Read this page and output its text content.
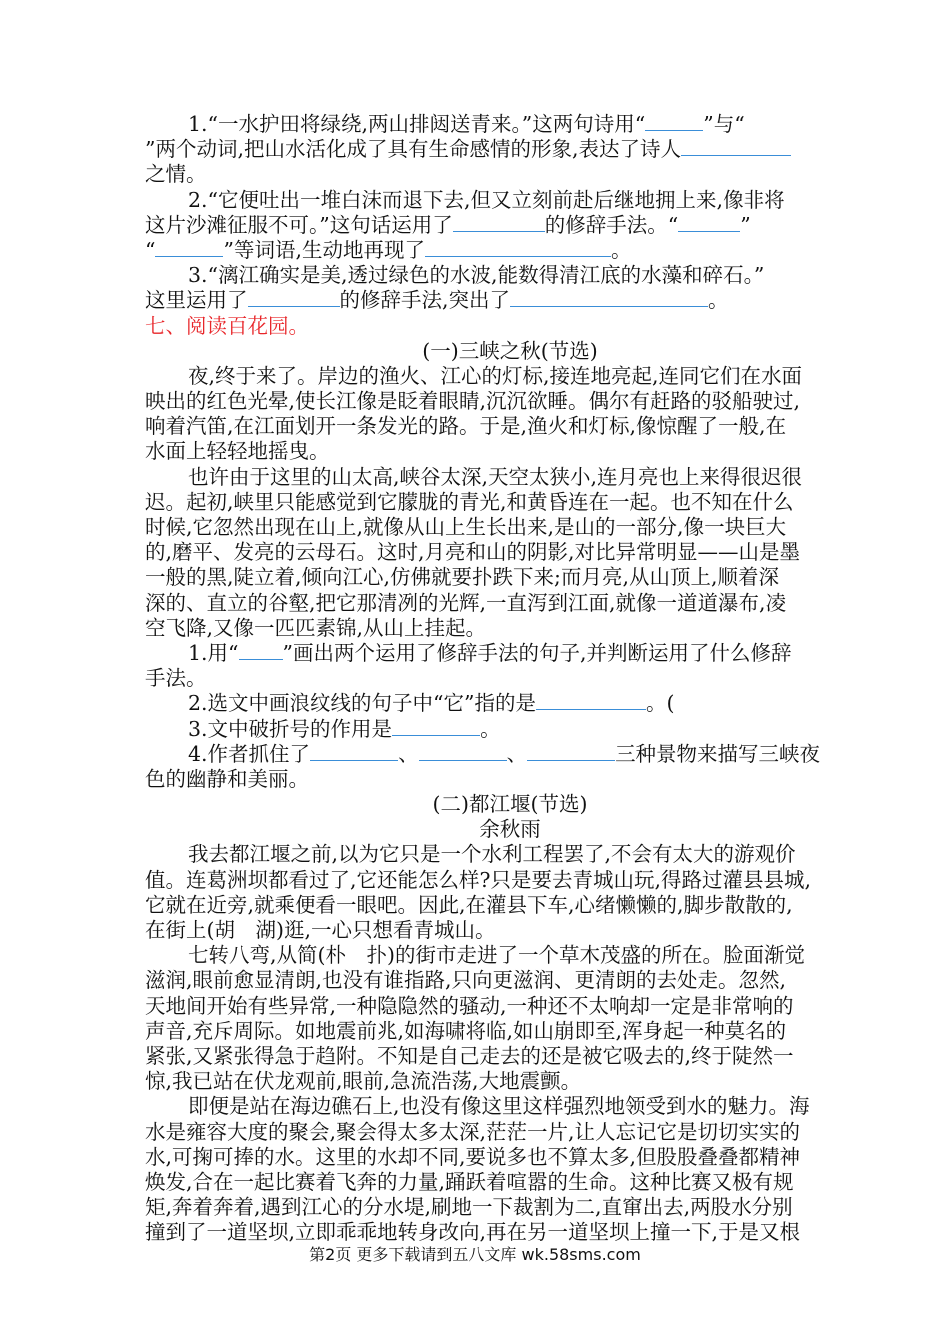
1.“一水护田将绿绕,两山排闼送青来。”这两句诗用“	”与“
”两个动词,把山水活化成了具有生命感情的形象,表达了诗人
之情。
2.“它便吐出一堆白沫而退下去,但又立刻前赴后继地拥上来,像非将
这片沙滩征服不可。”这句话运用了	的修辞手法。“	”
“	”等词语,生动地再现了	。
3.“漓江确实是美,透过绿色的水波,能数得清江底的水藻和碎石。”
这里运用了	的修辞手法,突出了	。
七、阅读百花园。
(一)三峡之秋(节选)
夜,终于来了。岸边的渔火、江心的灯标,接连地亮起,连同它们在水面
映出的红色光晕,使长江像是眨着眼睛,沉沉欲睡。偶尔有赶路的驳船驶过,
响着汽笛,在江面划开一条发光的路。于是,渔火和灯标,像惊醒了一般,在
水面上轻轻地摇曳。
也许由于这里的山太高,峡谷太深,天空太狭小,连月亮也上来得很迟很
迟。起初,峡里只能感觉到它朦胧的青光,和黄昏连在一起。也不知在什么
时候,它忽然出现在山上,就像从山上生长出来,是山的一部分,像一块巨大
的,磨平、发亮的云母石。这时,月亮和山的阴影,对比异常明显——山是墨
一般的黑,陡立着,倾向江心,仿佛就要扑跌下来;而月亮,从山顶上,顺着深
深的、直立的谷壑,把它那清冽的光辉,一直泻到江面,就像一道道瀑布,凌
空飞降,又像一匹匹素锦,从山上挂起。
1.用“ ”画出两个运用了修辞手法的句子,并判断运用了什么修辞
手法。
2.选文中画浪纹线的句子中“它”指的是	。(
3.文中破折号的作用是	。
4.作者抓住了	、	、	三种景物来描写三峡夜
色的幽静和美丽。
(二)都江堰(节选)
余秋雨
我去都江堰之前,以为它只是一个水利工程罢了,不会有太大的游观价
值。连葛洲坝都看过了,它还能怎么样?只是要去青城山玩,得路过灌县县城,
它就在近旁,就乘便看一眼吧。因此,在灌县下车,心绪懒懒的,脚步散散的,
在街上(胡　湖)逛,一心只想看青城山。
七转八弯,从简(朴　扑)的街市走进了一个草木茂盛的所在。脸面渐觉
滋润,眼前愈显清朗,也没有谁指路,只向更滋润、更清朗的去处走。忽然,
天地间开始有些异常,一种隐隐然的骚动,一种还不太响却一定是非常响的
声音,充斥周际。如地震前兆,如海啸将临,如山崩即至,浑身起一种莫名的
紧张,又紧张得急于趋附。不知是自己走去的还是被它吸去的,终于陡然一
惊,我已站在伏龙观前,眼前,急流浩荡,大地震颤。
即便是站在海边礁石上,也没有像这里这样强烈地领受到水的魅力。海
水是雍容大度的聚会,聚会得太多太深,茫茫一片,让人忘记它是切切实实的
水,可掬可捧的水。这里的水却不同,要说多也不算太多,但股股叠叠都精神
焕发,合在一起比赛着飞奔的力量,踊跃着喧嚣的生命。这种比赛又极有规
矩,奔着奔着,遇到江心的分水堤,刷地一下裁割为二,直窜出去,两股水分别
撞到了一道坚坝,立即乖乖地转身改向,再在另一道坚坝上撞一下,于是又根
第2页 更多下载请到五八文库 wk.58sms.com
